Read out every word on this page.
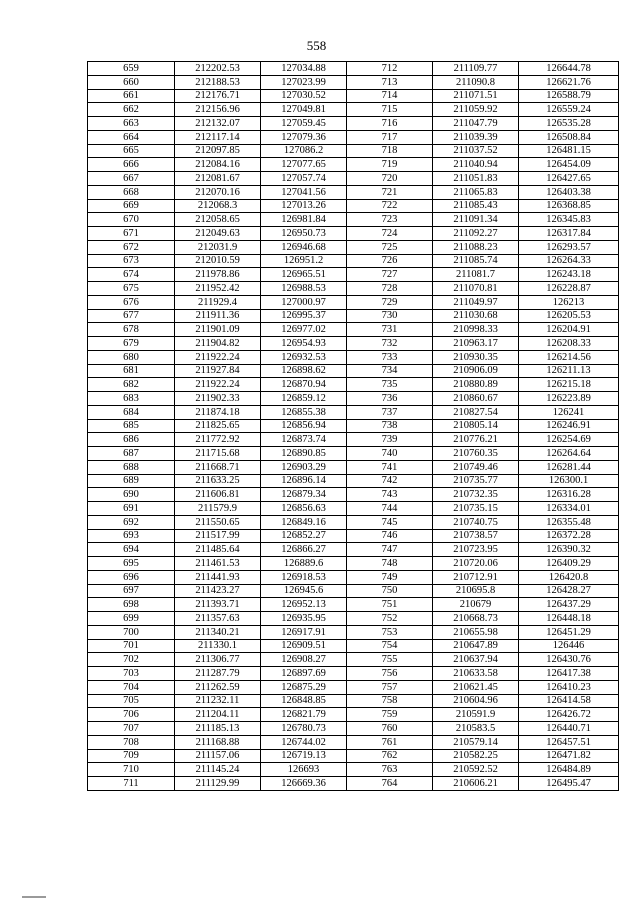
558
659	212202.53	127034.88	712	211109.77	126644.78
660	212188.53	127023.99	713	211090.8	126621.76
661	212176.71	127030.52	714	211071.51	126588.79
662	212156.96	127049.81	715	211059.92	126559.24
663	212132.07	127059.45	716	211047.79	126535.28
664	212117.14	127079.36	717	211039.39	126508.84
665	212097.85	127086.2	718	211037.52	126481.15
666	212084.16	127077.65	719	211040.94	126454.09
667	212081.67	127057.74	720	211051.83	126427.65
668	212070.16	127041.56	721	211065.83	126403.38
669	212068.3	127013.26	722	211085.43	126368.85
670	212058.65	126981.84	723	211091.34	126345.83
671	212049.63	126950.73	724	211092.27	126317.84
672	212031.9	126946.68	725	211088.23	126293.57
673	212010.59	126951.2	726	211085.74	126264.33
674	211978.86	126965.51	727	211081.7	126243.18
675	211952.42	126988.53	728	211070.81	126228.87
676	211929.4	127000.97	729	211049.97	126213
677	211911.36	126995.37	730	211030.68	126205.53
678	211901.09	126977.02	731	210998.33	126204.91
679	211904.82	126954.93	732	210963.17	126208.33
680	211922.24	126932.53	733	210930.35	126214.56
681	211927.84	126898.62	734	210906.09	126211.13
682	211922.24	126870.94	735	210880.89	126215.18
683	211902.33	126859.12	736	210860.67	126223.89
684	211874.18	126855.38	737	210827.54	126241
685	211825.65	126856.94	738	210805.14	126246.91
686	211772.92	126873.74	739	210776.21	126254.69
687	211715.68	126890.85	740	210760.35	126264.64
688	211668.71	126903.29	741	210749.46	126281.44
689	211633.25	126896.14	742	210735.77	126300.1
690	211606.81	126879.34	743	210732.35	126316.28
691	211579.9	126856.63	744	210735.15	126334.01
692	211550.65	126849.16	745	210740.75	126355.48
693	211517.99	126852.27	746	210738.57	126372.28
694	211485.64	126866.27	747	210723.95	126390.32
695	211461.53	126889.6	748	210720.06	126409.29
696	211441.93	126918.53	749	210712.91	126420.8
697	211423.27	126945.6	750	210695.8	126428.27
698	211393.71	126952.13	751	210679	126437.29
699	211357.63	126935.95	752	210668.73	126448.18
700	211340.21	126917.91	753	210655.98	126451.29
701	211330.1	126909.51	754	210647.89	126446
702	211306.77	126908.27	755	210637.94	126430.76
703	211287.79	126897.69	756	210633.58	126417.38
704	211262.59	126875.29	757	210621.45	126410.23
705	211232.11	126848.85	758	210604.96	126414.58
706	211204.11	126821.79	759	210591.9	126426.72
707	211185.13	126780.73	760	210583.5	126440.71
708	211168.88	126744.02	761	210579.14	126457.51
709	211157.06	126719.13	762	210582.25	126471.82
710	211145.24	126693	763	210592.52	126484.89
711	211129.99	126669.36	764	210606.21	126495.47
